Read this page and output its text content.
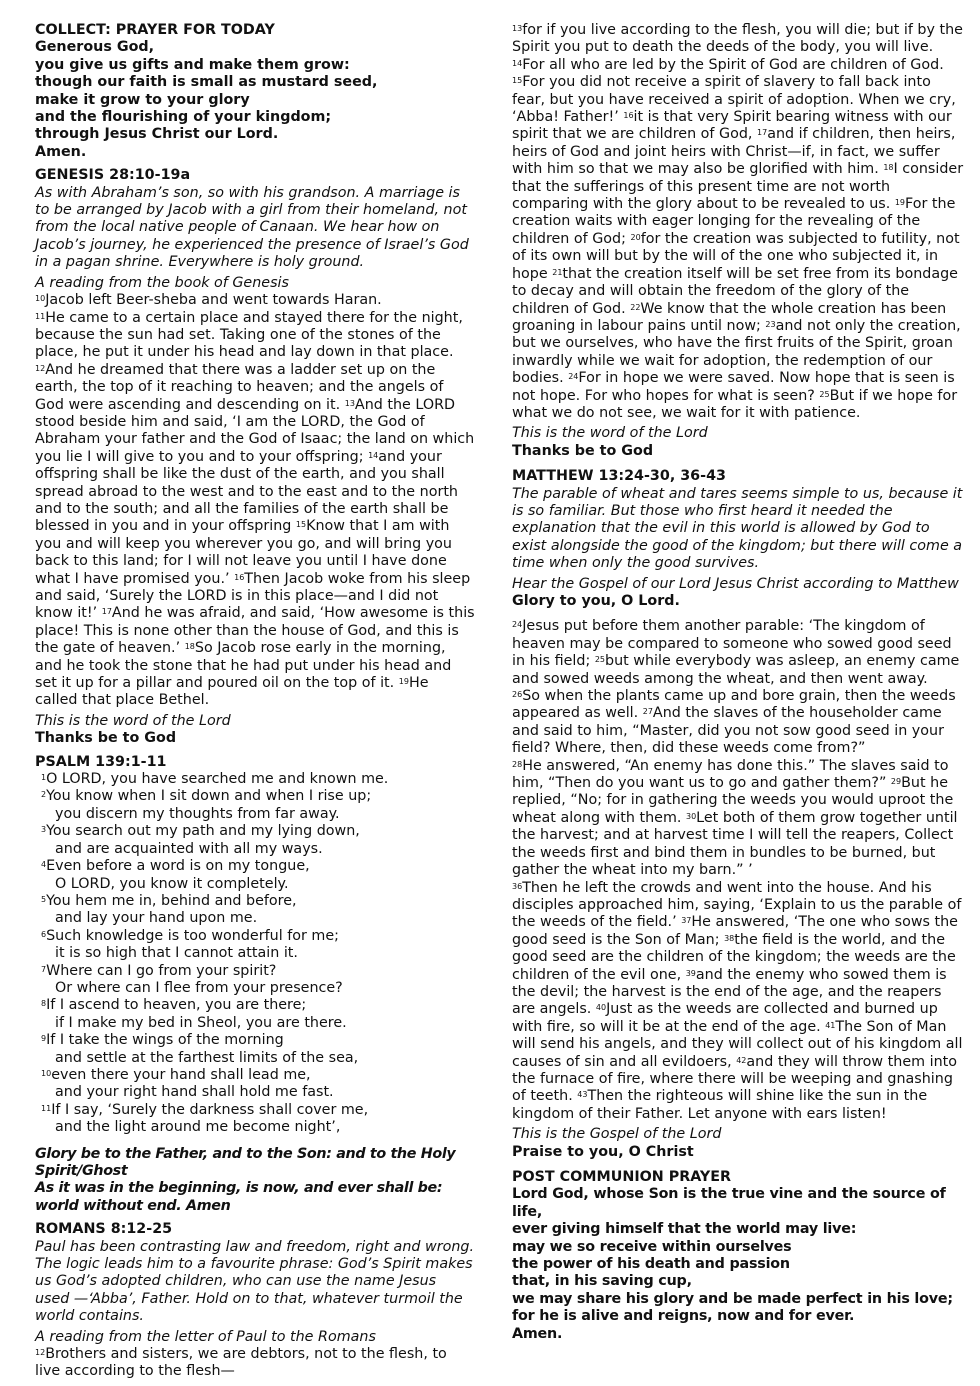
COLLECT: PRAYER FOR TODAY
Generous God,
you give us gifts and make them grow:
though our faith is small as mustard seed,
make it grow to your glory
and the flourishing of your kingdom;
through Jesus Christ our Lord.
Amen.
GENESIS 28:10-19a

As with Abraham’s son, so with his grandson. A marriage is to be arranged by Jacob with a girl from their homeland, not from the local native people of Canaan. We hear how on Jacob’s journey, he experienced the presence of Israel’s God in a pagan shrine. Everywhere is holy ground.

A reading from the book of Genesis

$^{10}$Jacob left Beer-sheba and went towards Haran.
$^{11}$He came to a certain place and stayed there for the night, because the sun had set. Taking one of the stones of the place, he put it under his head and lay down in that place. $^{12}$And he dreamed that there was a ladder set up on the earth, the top of it reaching to heaven; and the angels of God were ascending and descending on it. $^{13}$And the LORD stood beside him and said, ‘I am the LORD, the God of Abraham your father and the God of Isaac; the land on which you lie I will give to you and to your offspring; $^{14}$and your offspring shall be like the dust of the earth, and you shall spread abroad to the west and to the east and to the north and to the south; and all the families of the earth shall be blessed in you and in your offspring $^{15}$Know that I am with you and will keep you wherever you go, and will bring you back to this land; for I will not leave you until I have done what I have promised you.’ $^{16}$Then Jacob woke from his sleep and said, ‘Surely the LORD is in this place—and I did not know it!’ $^{17}$And he was afraid, and said, ‘How awesome is this place! This is none other than the house of God, and this is the gate of heaven.’ $^{18}$So Jacob rose early in the morning, and he took the stone that he had put under his head and set it up for a pillar and poured oil on the top of it. $^{19}$He called that place Bethel.

This is the word of the Lord

Thanks be to God

PSALM 139:1-11
$^1$O LORD, you have searched me and known me.
$^2$You know when I sit down and when I rise up;
you discern my thoughts from far away.
$^3$You search out my path and my lying down,
and are acquainted with all my ways.
$^4$Even before a word is on my tongue,
O LORD, you know it completely.
$^5$You hem me in, behind and before,
and lay your hand upon me.
$^6$Such knowledge is too wonderful for me;
it is so high that I cannot attain it.
$^7$Where can I go from your spirit?
Or where can I flee from your presence?
$^8$If I ascend to heaven, you are there;
if I make my bed in Sheol, you are there.
$^9$If I take the wings of the morning
and settle at the farthest limits of the sea,
$^{10}$even there your hand shall lead me,
and your right hand shall hold me fast.
$^{11}$If I say, ‘Surely the darkness shall cover me,
and the light around me become night’,
Glory be to the Father, and to the Son: and to the Holy Spirit/Ghost
As it was in the beginning, is now, and ever shall be:
world without end. Amen
ROMANS 8:12-25

Paul has been contrasting law and freedom, right and wrong. The logic leads him to a favourite phrase: God’s Spirit makes us God’s adopted children, who can use the name Jesus used —‘Abba’, Father. Hold on to that, whatever turmoil the world contains.

A reading from the letter of Paul to the Romans

$^{12}$Brothers and sisters, we are debtors, not to the flesh, to live according to the flesh—

$^{13}$for if you live according to the flesh, you will die; but if by the Spirit you put to death the deeds of the body, you will live. $^{14}$For all who are led by the Spirit of God are children of God. $^{15}$For you did not receive a spirit of slavery to fall back into fear, but you have received a spirit of adoption. When we cry, ‘Abba! Father!’ $^{16}$it is that very Spirit bearing witness with our spirit that we are children of God, $^{17}$and if children, then heirs, heirs of God and joint heirs with Christ—if, in fact, we suffer with him so that we may also be glorified with him. $^{18}$I consider that the sufferings of this present time are not worth comparing with the glory about to be revealed to us. $^{19}$For the creation waits with eager longing for the revealing of the children of God; $^{20}$for the creation was subjected to futility, not of its own will but by the will of the one who subjected it, in hope $^{21}$that the creation itself will be set free from its bondage to decay and will obtain the freedom of the glory of the children of God. $^{22}$We know that the whole creation has been groaning in labour pains until now; $^{23}$and not only the creation, but we ourselves, who have the first fruits of the Spirit, groan inwardly while we wait for adoption, the redemption of our bodies. $^{24}$For in hope we were saved. Now hope that is seen is not hope. For who hopes for what is seen? $^{25}$But if we hope for what we do not see, we wait for it with patience.

This is the word of the Lord

Thanks be to God

MATTHEW 13:24-30, 36-43

The parable of wheat and tares seems simple to us, because it is so familiar. But those who first heard it needed the explanation that the evil in this world is allowed by God to exist alongside the good of the kingdom; but there will come a time when only the good survives.

Hear the Gospel of our Lord Jesus Christ according to Matthew

Glory to you, O Lord.

$^{24}$Jesus put before them another parable: ‘The kingdom of heaven may be compared to someone who sowed good seed in his field; $^{25}$but while everybody was asleep, an enemy came and sowed weeds among the wheat, and then went away.
$^{26}$So when the plants came up and bore grain, then the weeds appeared as well. $^{27}$And the slaves of the householder came and said to him, “Master, did you not sow good seed in your field? Where, then, did these weeds come from?”
$^{28}$He answered, “An enemy has done this.” The slaves said to him, “Then do you want us to go and gather them?” $^{29}$But he replied, “No; for in gathering the weeds you would uproot the wheat along with them. $^{30}$Let both of them grow together until the harvest; and at harvest time I will tell the reapers, Collect the weeds first and bind them in bundles to be burned, but gather the wheat into my barn.” ’
$^{36}$Then he left the crowds and went into the house. And his disciples approached him, saying, ‘Explain to us the parable of the weeds of the field.’ $^{37}$He answered, ‘The one who sows the good seed is the Son of Man; $^{38}$the field is the world, and the good seed are the children of the kingdom; the weeds are the children of the evil one, $^{39}$and the enemy who sowed them is the devil; the harvest is the end of the age, and the reapers are angels. $^{40}$Just as the weeds are collected and burned up with fire, so will it be at the end of the age. $^{41}$The Son of Man will send his angels, and they will collect out of his kingdom all causes of sin and all evildoers, $^{42}$and they will throw them into the furnace of fire, where there will be weeping and gnashing of teeth. $^{43}$Then the righteous will shine like the sun in the kingdom of their Father. Let anyone with ears listen!

This is the Gospel of the Lord

Praise to you, O Christ

POST COMMUNION PRAYER
Lord God, whose Son is the true vine and the source of life,
ever giving himself that the world may live:
may we so receive within ourselves
the power of his death and passion
that, in his saving cup,
we may share his glory and be made perfect in his love;
for he is alive and reigns, now and for ever.
Amen.
